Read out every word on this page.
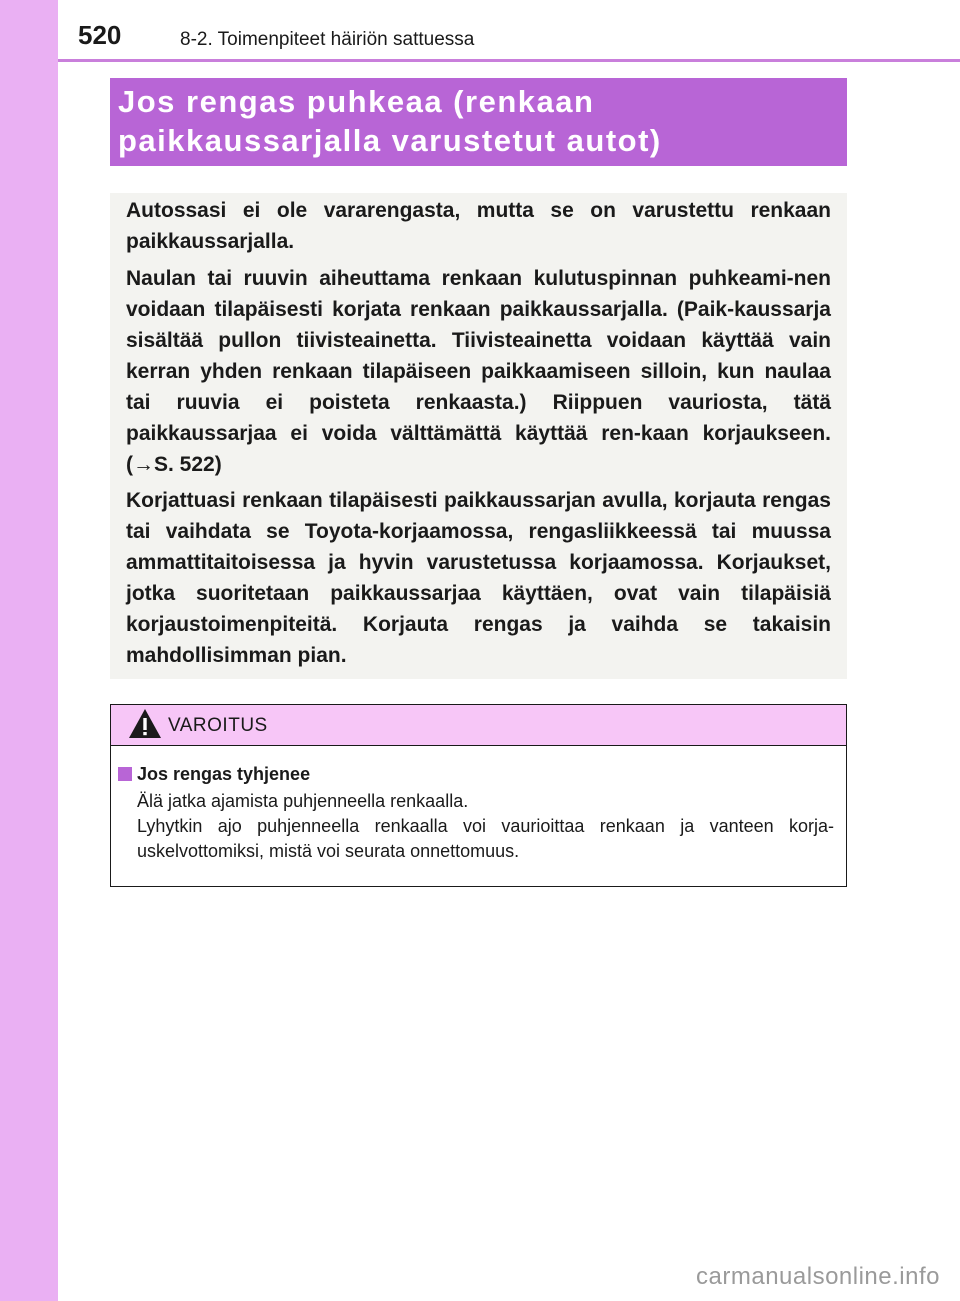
520	8-2. Toimenpiteet häiriön sattuessa

Jos rengas puhkeaa (renkaan

paikkaussarjalla varustetut autot)

Autossasi ei ole vararengasta, mutta se on varustettu renkaan paikkaussarjalla.

Naulan tai ruuvin aiheuttama renkaan kulutuspinnan puhkeami-nen voidaan tilapäisesti korjata renkaan paikkaussarjalla. (Paik-kaussarja sisältää pullon tiivisteainetta. Tiivisteainetta voidaan käyttää vain kerran yhden renkaan tilapäiseen paikkaamiseen silloin, kun naulaa tai ruuvia ei poisteta renkaasta.) Riippuen vauriosta, tätä paikkaussarjaa ei voida välttämättä käyttää ren-kaan korjaukseen. (→S. 522)

Korjattuasi renkaan tilapäisesti paikkaussarjan avulla, korjauta rengas tai vaihdata se Toyota-korjaamossa, rengasliikkeessä tai muussa ammattitaitoisessa ja hyvin varustetussa korjaamossa. Korjaukset, jotka suoritetaan paikkaussarjaa käyttäen, ovat vain tilapäisiä korjaustoimenpiteitä. Korjauta rengas ja vaihda se takaisin mahdollisimman pian.

VAROITUS
Jos rengas tyhjenee

Älä jatka ajamista puhjenneella renkaalla.
Lyhytkin ajo puhjenneella renkaalla voi vaurioittaa renkaan ja vanteen korja-uskelvottomiksi, mistä voi seurata onnettomuus.

carmanualsonline.info
